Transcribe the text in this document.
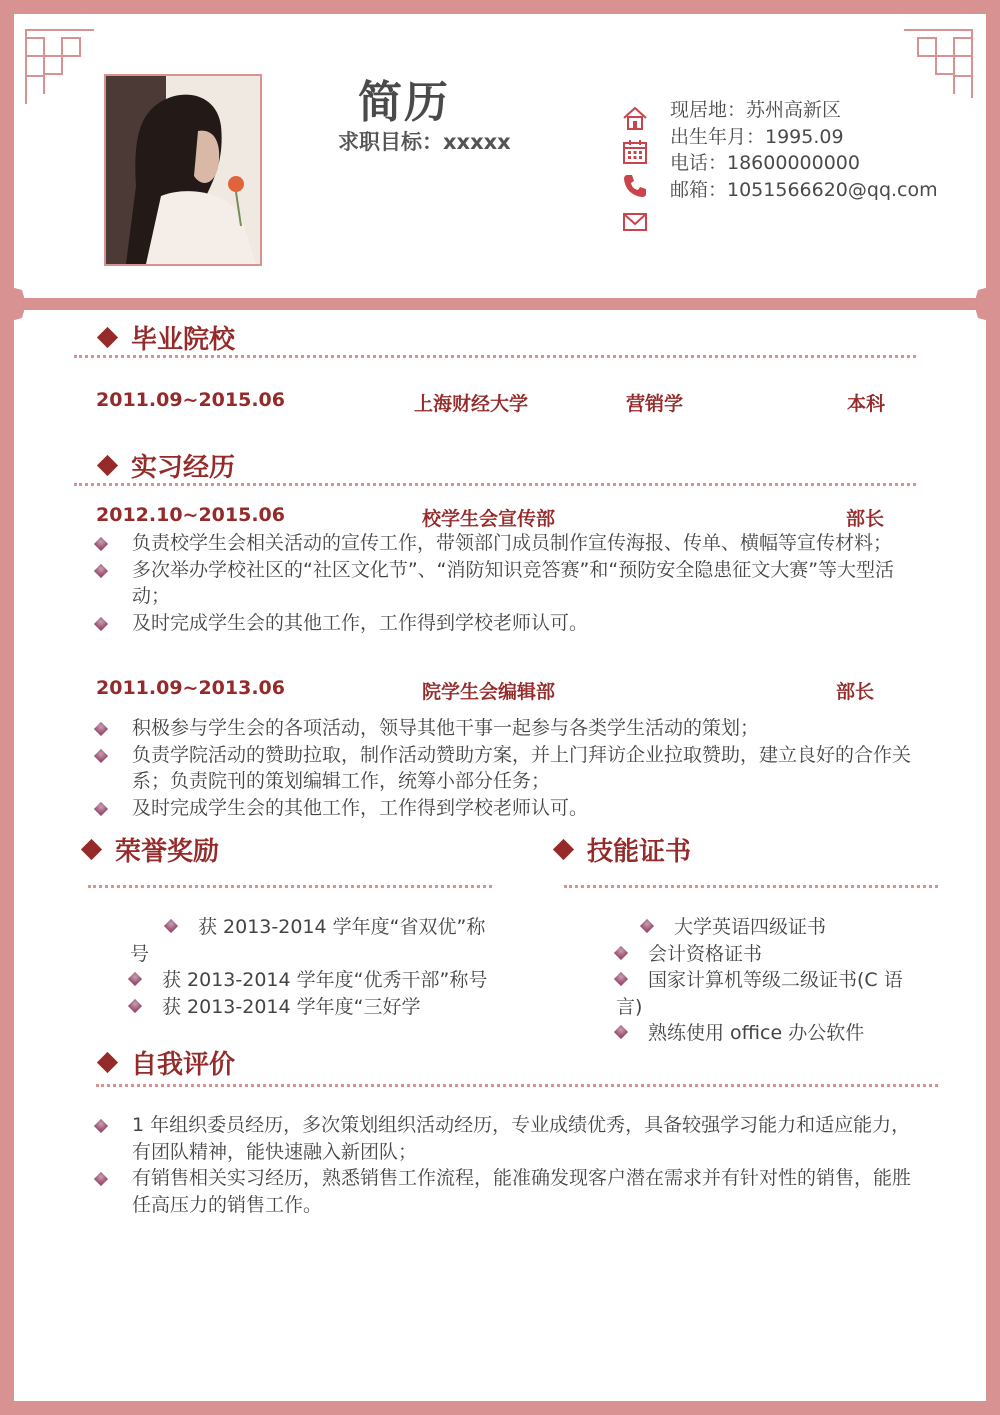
简历
求职目标：xxxxx
现居地：苏州高新区
出生年月：1995.09
电话：18600000000
邮箱：1051566620@qq.com
毕业院校
2011.09~2015.06	上海财经大学	营销学	本科
实习经历
2012.10~2015.06	校学生会宣传部	部长
负责校学生会相关活动的宣传工作，带领部门成员制作宣传海报、传单、横幅等宣传材料；
多次举办学校社区的“社区文化节”、“消防知识竞答赛”和“预防安全隐患征文大赛”等大型活动；
及时完成学生会的其他工作，工作得到学校老师认可。
2011.09~2013.06	院学生会编辑部	部长
积极参与学生会的各项活动，领导其他干事一起参与各类学生活动的策划；
负责学院活动的赞助拉取，制作活动赞助方案，并上门拜访企业拉取赞助，建立良好的合作关系；负责院刊的策划编辑工作，统筹小部分任务；
及时完成学生会的其他工作，工作得到学校老师认可。
荣誉奖励
获 2013-2014 学年度“省双优”称号
获 2013-2014 学年度“优秀干部”称号
获 2013-2014 学年度“三好学
技能证书
大学英语四级证书
会计资格证书
国家计算机等级二级证书(C 语言)
熟练使用 office 办公软件
自我评价
1 年组织委员经历，多次策划组织活动经历，专业成绩优秀，具备较强学习能力和适应能力，有团队精神，能快速融入新团队；
有销售相关实习经历，熟悉销售工作流程，能准确发现客户潜在需求并有针对性的销售，能胜任高压力的销售工作。
